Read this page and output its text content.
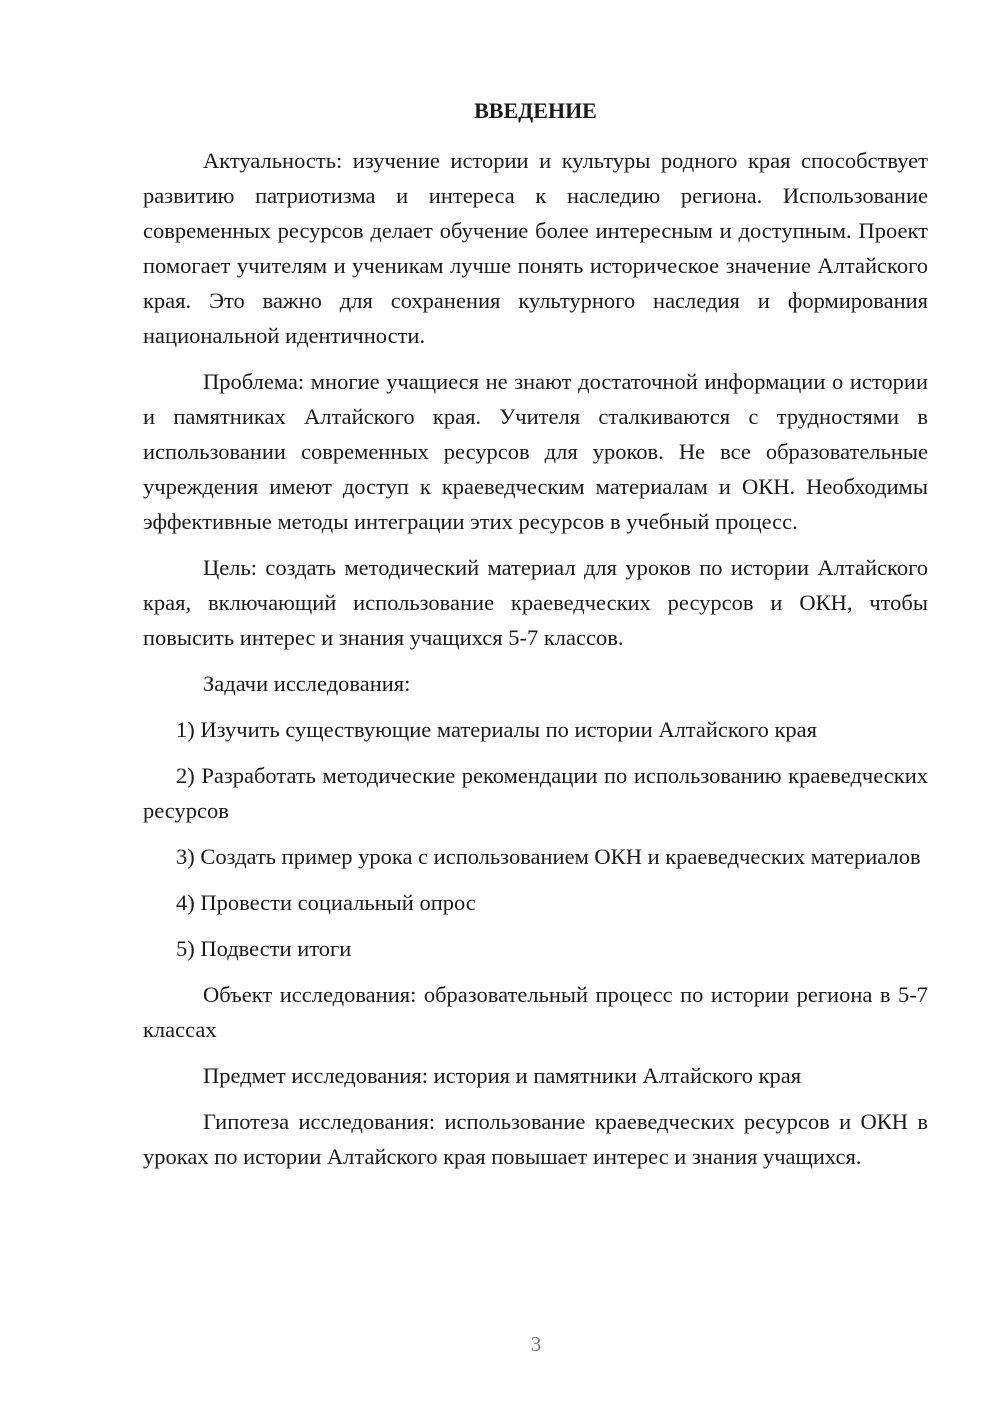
ВВЕДЕНИЕ

Актуальность: изучение истории и культуры родного края способствует развитию патриотизма и интереса к наследию региона. Использование современных ресурсов делает обучение более интересным и доступным. Проект помогает учителям и ученикам лучше понять историческое значение Алтайского края. Это важно для сохранения культурного наследия и формирования национальной идентичности.

Проблема: многие учащиеся не знают достаточной информации о истории и памятниках Алтайского края. Учителя сталкиваются с трудностями в использовании современных ресурсов для уроков. Не все образовательные учреждения имеют доступ к краеведческим материалам и ОКН. Необходимы эффективные методы интеграции этих ресурсов в учебный процесс.

Цель: создать методический материал для уроков по истории Алтайского края, включающий использование краеведческих ресурсов и ОКН, чтобы повысить интерес и знания учащихся 5-7 классов.

Задачи исследования:

1) Изучить существующие материалы по истории Алтайского края

2) Разработать методические рекомендации по использованию краеведческих ресурсов

3) Создать пример урока с использованием ОКН и краеведческих материалов

4) Провести социальный опрос

5) Подвести итоги

Объект исследования: образовательный процесс по истории региона в 5-7 классах

Предмет исследования: история и памятники Алтайского края

Гипотеза исследования: использование краеведческих ресурсов и ОКН в уроках по истории Алтайского края повышает интерес и знания учащихся.

3
